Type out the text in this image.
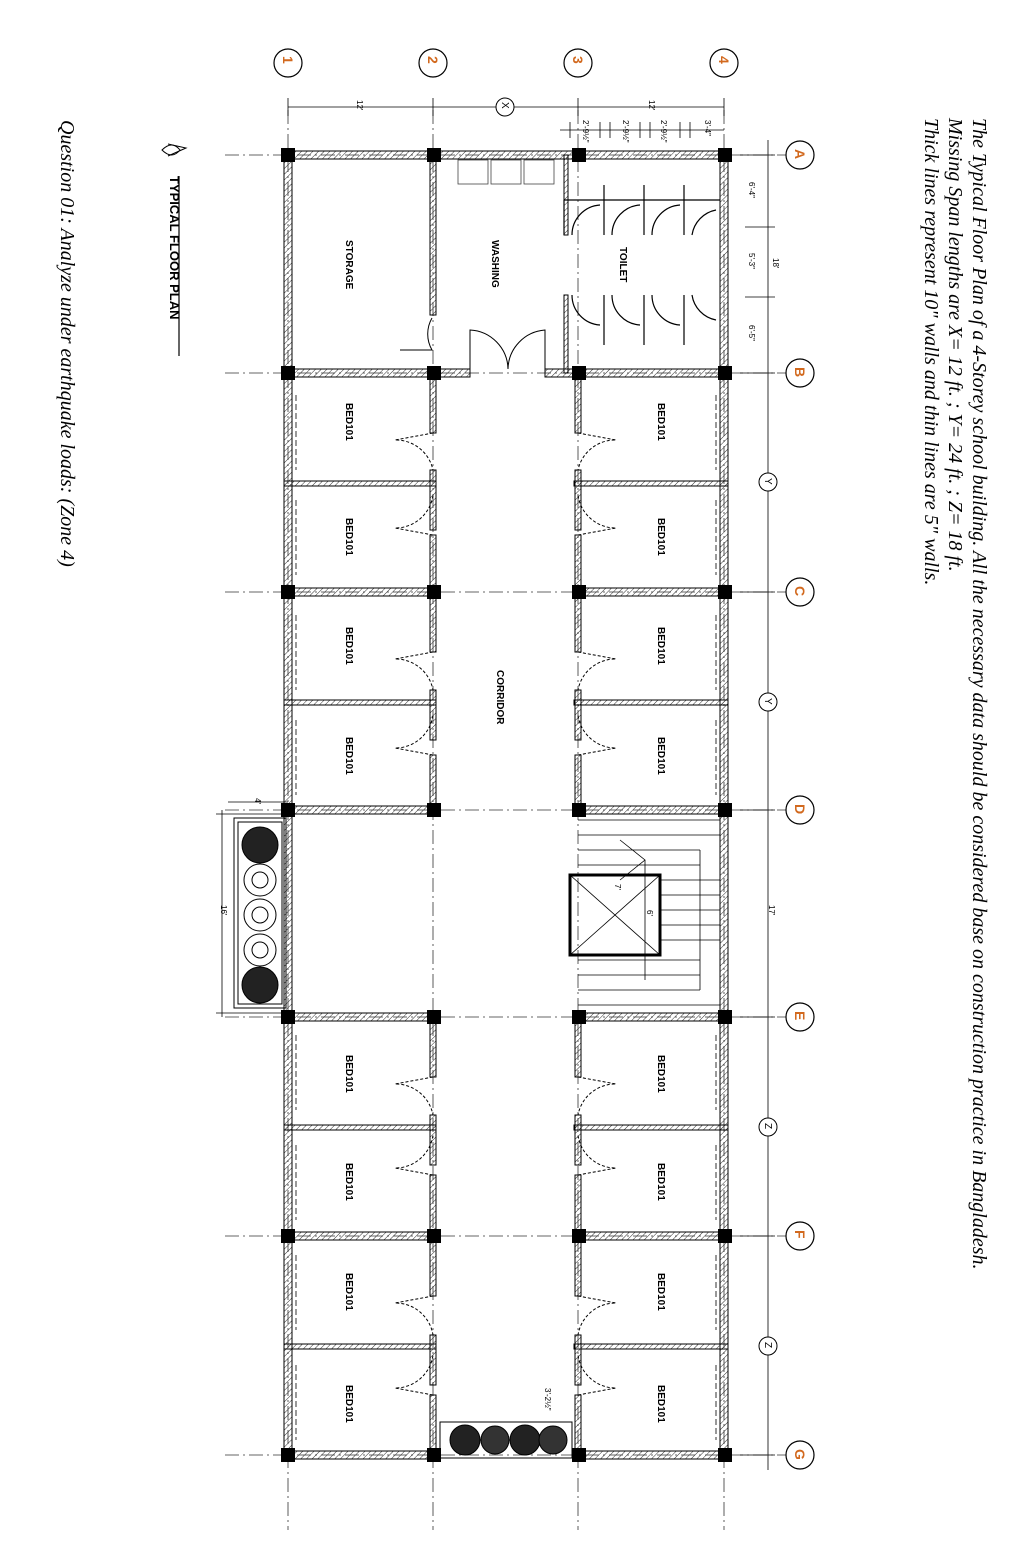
The Typical Floor Plan of a 4-Storey school building. All the necessary data should be considered base on construction practice in Bangladesh.
Missing Span lengths are X= 12 ft. ; Y= 24 ft. ; Z= 18 ft.
Thick lines represent 10" walls and thin lines are 5" walls.
Question 01: Analyze under earthquake loads: (Zone 4)	TYPICAL FLOOR PLAN
1	2	3	4
A
B
C
D
E
F
G
Y
Y
Z
Z
X
STORAGE	WASHING	TOILET
CORRIDOR
BED101
BED101
BED101
BED101
BED101
BED101
BED101
BED101
BED101
BED101
BED101
BED101
BED101
BED101
BED101
BED101
12'	12'
2'-9½"	2'-9½"	2'-9½"	3'-4"
6'-4"
5'-3"
6'-5"
18'
17'
16'
4'
3'-2½"
7'
6'
